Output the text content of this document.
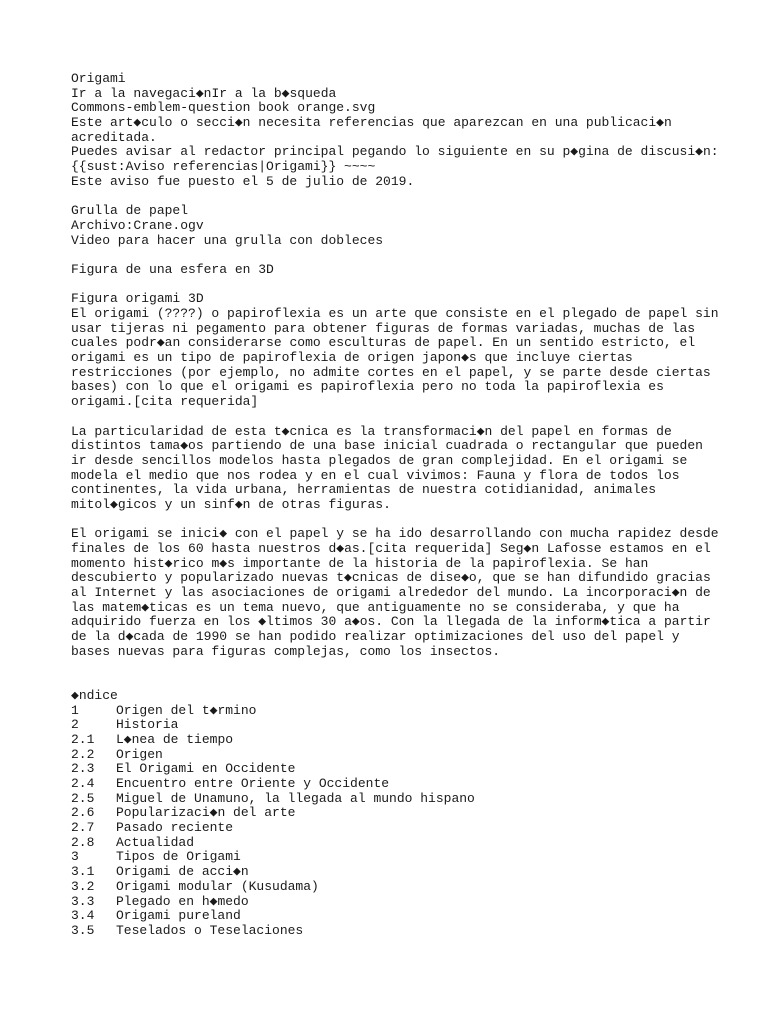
Origami
Ir a la navegaci◆nIr a la b◆squeda
Commons-emblem-question book orange.svg
Este art◆culo o secci◆n necesita referencias que aparezcan en una publicaci◆n
acreditada.
Puedes avisar al redactor principal pegando lo siguiente en su p◆gina de discusi◆n:
{{sust:Aviso referencias|Origami}} ~~~~
Este aviso fue puesto el 5 de julio de 2019.
Grulla de papel
Archivo:Crane.ogv
Video para hacer una grulla con dobleces
Figura de una esfera en 3D
Figura origami 3D
El origami (????) o papiroflexia es un arte que consiste en el plegado de papel sin
usar tijeras ni pegamento para obtener figuras de formas variadas, muchas de las
cuales podr◆an considerarse como esculturas de papel. En un sentido estricto, el
origami es un tipo de papiroflexia de origen japon◆s que incluye ciertas
restricciones (por ejemplo, no admite cortes en el papel, y se parte desde ciertas
bases) con lo que el origami es papiroflexia pero no toda la papiroflexia es
origami.[cita requerida]
La particularidad de esta t◆cnica es la transformaci◆n del papel en formas de
distintos tama◆os partiendo de una base inicial cuadrada o rectangular que pueden
ir desde sencillos modelos hasta plegados de gran complejidad. En el origami se
modela el medio que nos rodea y en el cual vivimos: Fauna y flora de todos los
continentes, la vida urbana, herramientas de nuestra cotidianidad, animales
mitol◆gicos y un sinf◆n de otras figuras.
El origami se inici◆ con el papel y se ha ido desarrollando con mucha rapidez desde
finales de los 60 hasta nuestros d◆as.[cita requerida] Seg◆n Lafosse estamos en el
momento hist◆rico m◆s importante de la historia de la papiroflexia. Se han
descubierto y popularizado nuevas t◆cnicas de dise◆o, que se han difundido gracias
al Internet y las asociaciones de origami alrededor del mundo. La incorporaci◆n de
las matem◆ticas es un tema nuevo, que antiguamente no se consideraba, y que ha
adquirido fuerza en los ◆ltimos 30 a◆os. Con la llegada de la inform◆tica a partir
de la d◆cada de 1990 se han podido realizar optimizaciones del uso del papel y
bases nuevas para figuras complejas, como los insectos.
◆ndice
1	Origen del t◆rmino
2	Historia
2.1 L◆nea de tiempo
2.2 Origen
2.3 El Origami en Occidente
2.4 Encuentro entre Oriente y Occidente
2.5 Miguel de Unamuno, la llegada al mundo hispano
2.6 Popularizaci◆n del arte
2.7 Pasado reciente
2.8 Actualidad
3	Tipos de Origami
3.1 Origami de acci◆n
3.2 Origami modular (Kusudama)
3.3 Plegado en h◆medo
3.4 Origami pureland
3.5 Teselados o Teselaciones
